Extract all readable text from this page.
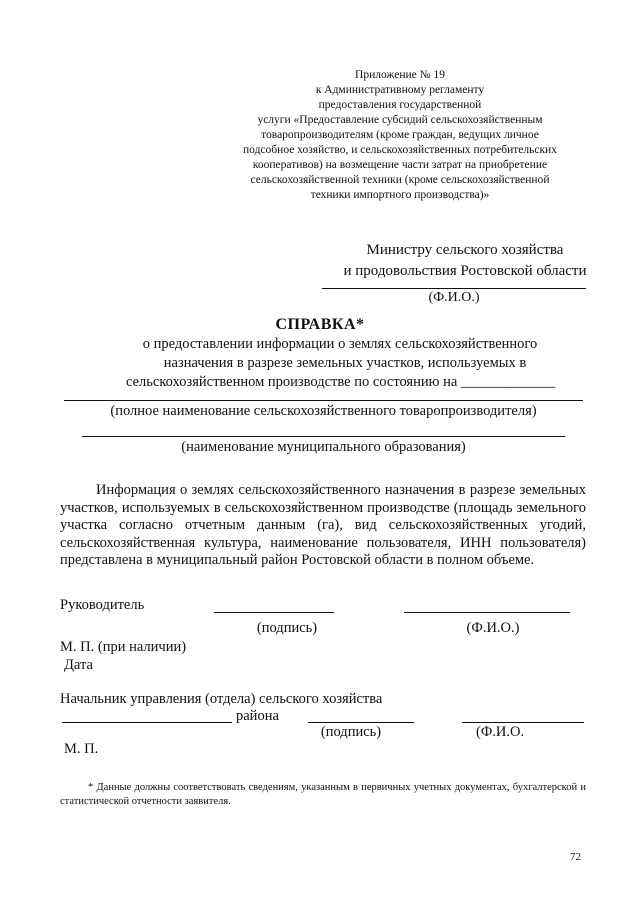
Приложение № 19
к Административному регламенту
предоставления государственной
услуги «Предоставление субсидий сельскохозяйственным
товаропроизводителям (кроме граждан, ведущих личное
подсобное хозяйство, и сельскохозяйственных потребительских
кооперативов) на возмещение части затрат на приобретение
сельскохозяйственной техники (кроме сельскохозяйственной
техники импортного производства)»
Министру сельского хозяйства
и продовольствия Ростовской области
(Ф.И.О.)
СПРАВКА*
о предоставлении информации о землях сельскохозяйственного
назначения в разрезе земельных участков, используемых в
сельскохозяйственном производстве по состоянию на _____________
(полное наименование сельскохозяйственного товаропроизводителя)
(наименование муниципального образования)
Информация о землях сельскохозяйственного назначения в разрезе земельных участков, используемых в сельскохозяйственном производстве (площадь земельного участка согласно отчетным данным (га), вид сельскохозяйственных угодий, сельскохозяйственная культура, наименование пользователя, ИНН пользователя) представлена в муниципальный район Ростовской области в полном объеме.
Руководитель
(подпись)	(Ф.И.О.)
М. П. (при наличии)
Дата
Начальник управления (отдела) сельского хозяйства
района
(подпись)	(Ф.И.О.
М. П.
* Данные должны соответствовать сведениям, указанным в первичных учетных документах, бухгалтерской и статистической отчетности заявителя.
72
